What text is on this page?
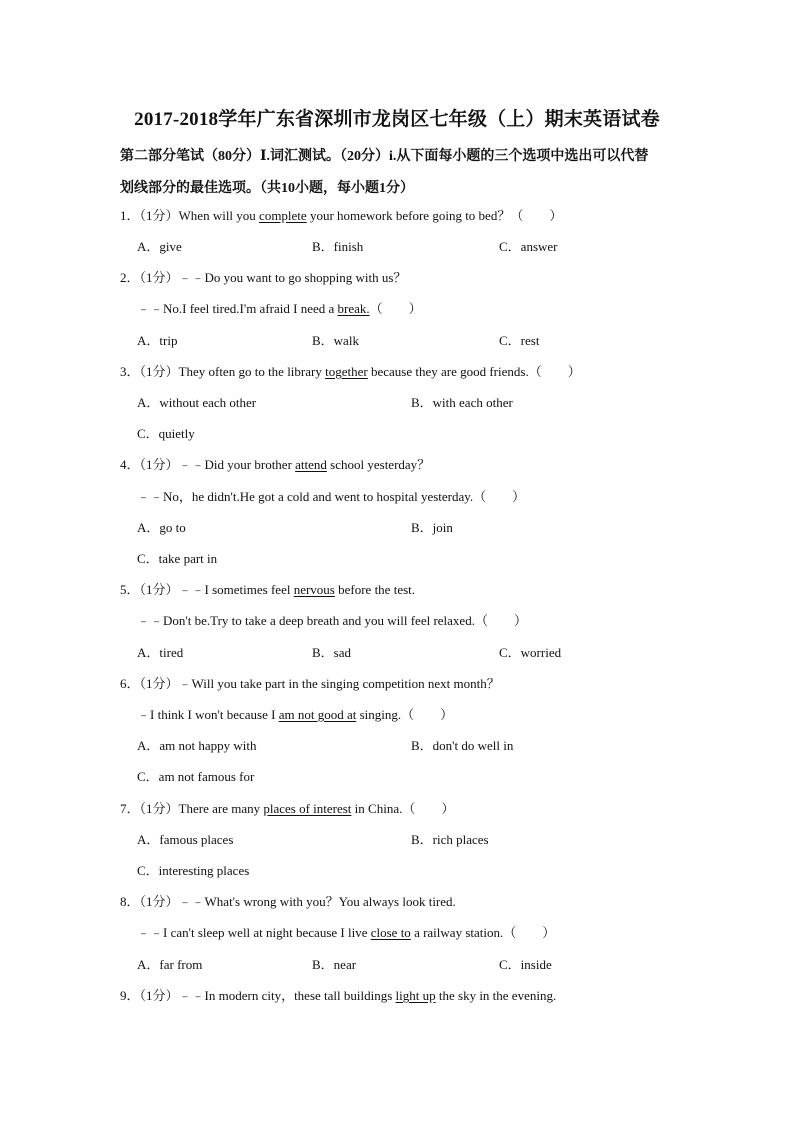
2017-2018学年广东省深圳市龙岗区七年级（上）期末英语试卷
第二部分笔试（80分）Ⅰ.词汇测试。（20分）i.从下面每小题的三个选项中选出可以代替
划线部分的最佳选项。（共10小题，每小题1分）
1．（1分）When will you complete your homework before going to bed？（　　）
A．give	B．finish	C．answer
2．（1分）﹣﹣Do you want to go shopping with us？
﹣﹣No.I feel tired.I'm afraid I need a break.（　　）
A．trip	B．walk	C．rest
3．（1分）They often go to the library together because they are good friends.（　　）
A．without each other	B．with each other
C．quietly
4．（1分）﹣﹣Did your brother attend school yesterday？
﹣﹣No，he didn't.He got a cold and went to hospital yesterday.（　　）
A．go to	B．join
C．take part in
5．（1分）﹣﹣I sometimes feel nervous before the test.
﹣﹣Don't be.Try to take a deep breath and you will feel relaxed.（　　）
A．tired	B．sad	C．worried
6．（1分）﹣Will you take part in the singing competition next month？
﹣I think I won't because I am not good at singing.（　　）
A．am not happy with	B．don't do well in
C．am not famous for
7．（1分）There are many places of interest in China.（　　）
A．famous places	B．rich places
C．interesting places
8．（1分）﹣﹣What's wrong with you？You always look tired.
﹣﹣I can't sleep well at night because I live close to a railway station.（　　）
A．far from	B．near	C．inside
9．（1分）﹣﹣In modern city，these tall buildings light up the sky in the evening.
